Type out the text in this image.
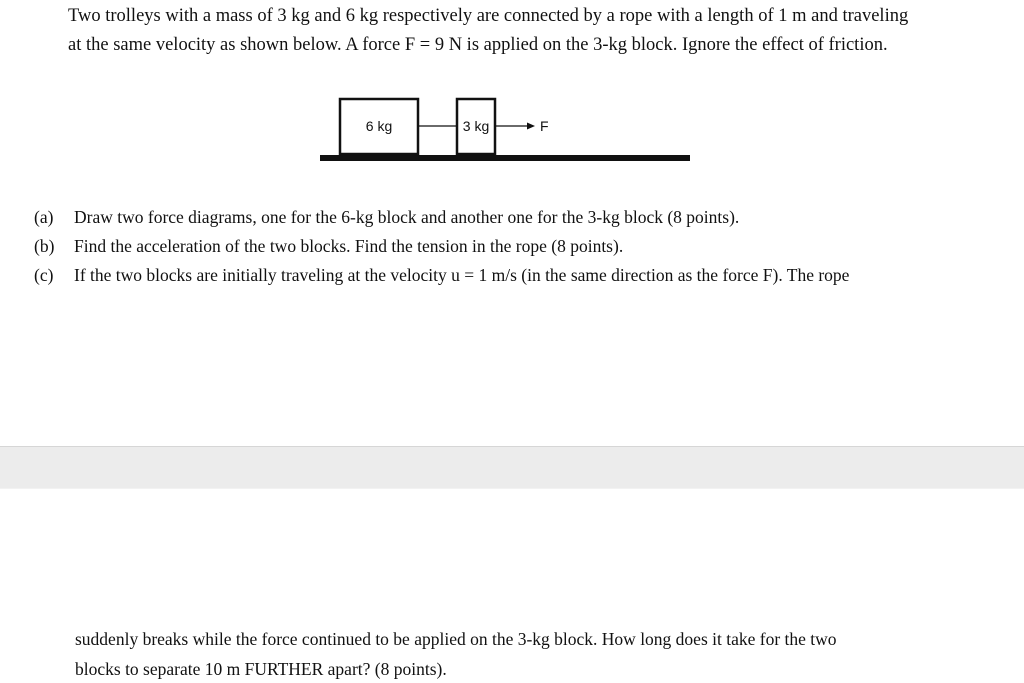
Two trolleys with a mass of 3 kg and 6 kg respectively are connected by a rope with a length of 1 m and traveling
at the same velocity as shown below. A force F = 9 N is applied on the 3-kg block. Ignore the effect of friction.
6 kg	3 kg	F
(a) Draw two force diagrams, one for the 6-kg block and another one for the 3-kg block (8 points).
(b) Find the acceleration of the two blocks. Find the tension in the rope (8 points).
(c) If the two blocks are initially traveling at the velocity u = 1 m/s (in the same direction as the force F). The rope
suddenly breaks while the force continued to be applied on the 3-kg block. How long does it take for the two
blocks to separate 10 m FURTHER apart? (8 points).
